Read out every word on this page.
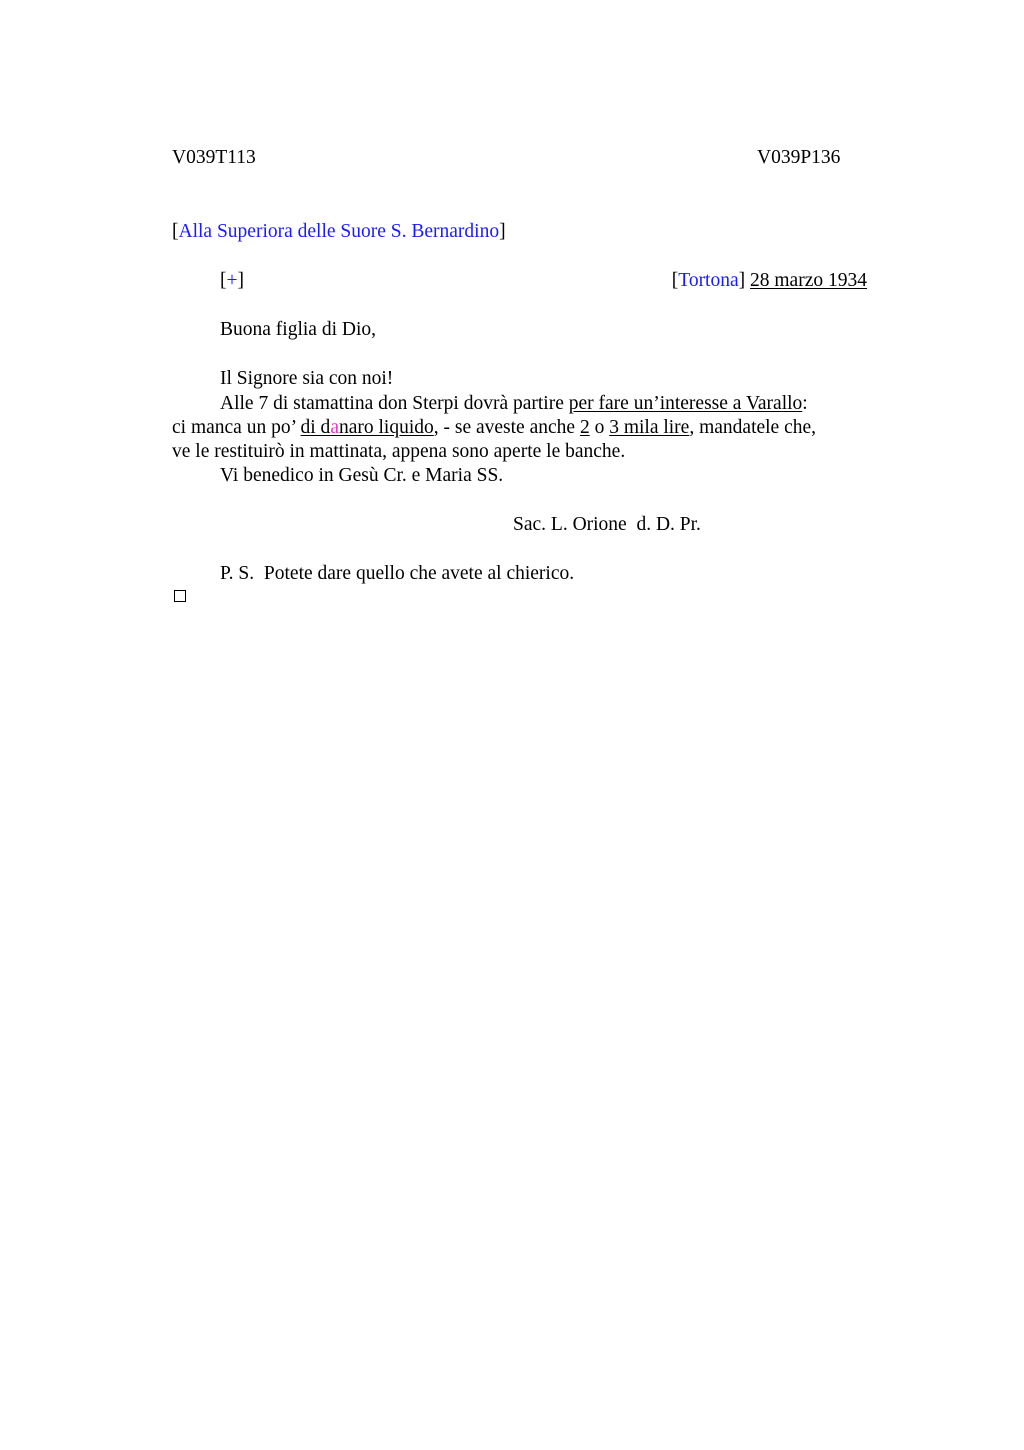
V039T113	V039P136
[Alla Superiora delle Suore S. Bernardino]
[+]	[Tortona] 28 marzo 1934
Buona figlia di Dio,
Il Signore sia con noi!
Alle 7 di stamattina don Sterpi dovrà partire per fare un’interesse a Varallo:
ci manca un po’ di danaro liquido, - se aveste anche 2 o 3 mila lire, mandatele che,
ve le restituirò in mattinata, appena sono aperte le banche.
Vi benedico in Gesù Cr. e Maria SS.
Sac. L. Orione  d. D. Pr.
P. S.  Potete dare quello che avete al chierico.
